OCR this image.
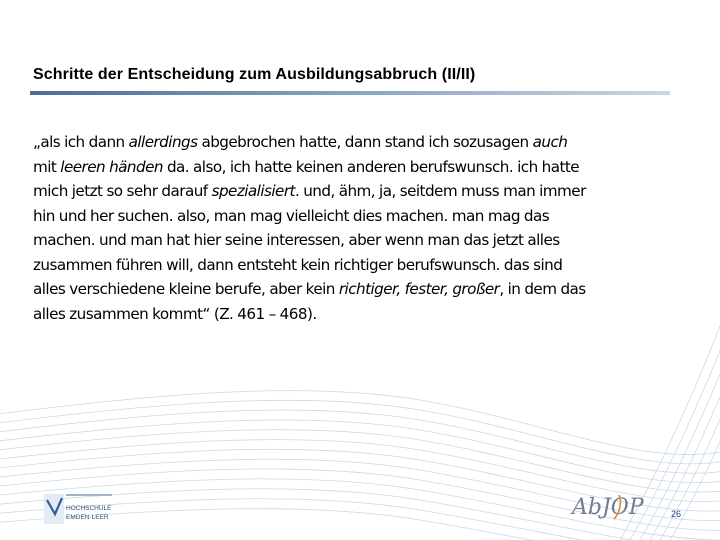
Schritte der Entscheidung zum Ausbildungsabbruch (II/II)

„als ich dann allerdings abgebrochen hatte, dann stand ich sozusagen auch
mit leeren händen da. also, ich hatte keinen anderen berufswunsch. ich hatte
mich jetzt so sehr darauf spezialisiert. und, ähm, ja, seitdem muss man immer
hin und her suchen. also, man mag vielleicht dies machen. man mag das
machen. und man hat hier seine interessen, aber wenn man das jetzt alles
zusammen führen will, dann entsteht kein richtiger berufswunsch. das sind
alles verschiedene kleine berufe, aber kein richtiger, fester, großer, in dem das
alles zusammen kommt“ (Z. 461 – 468).

HOCHSCHULE
EMDEN·LEER	AbJOP	26
